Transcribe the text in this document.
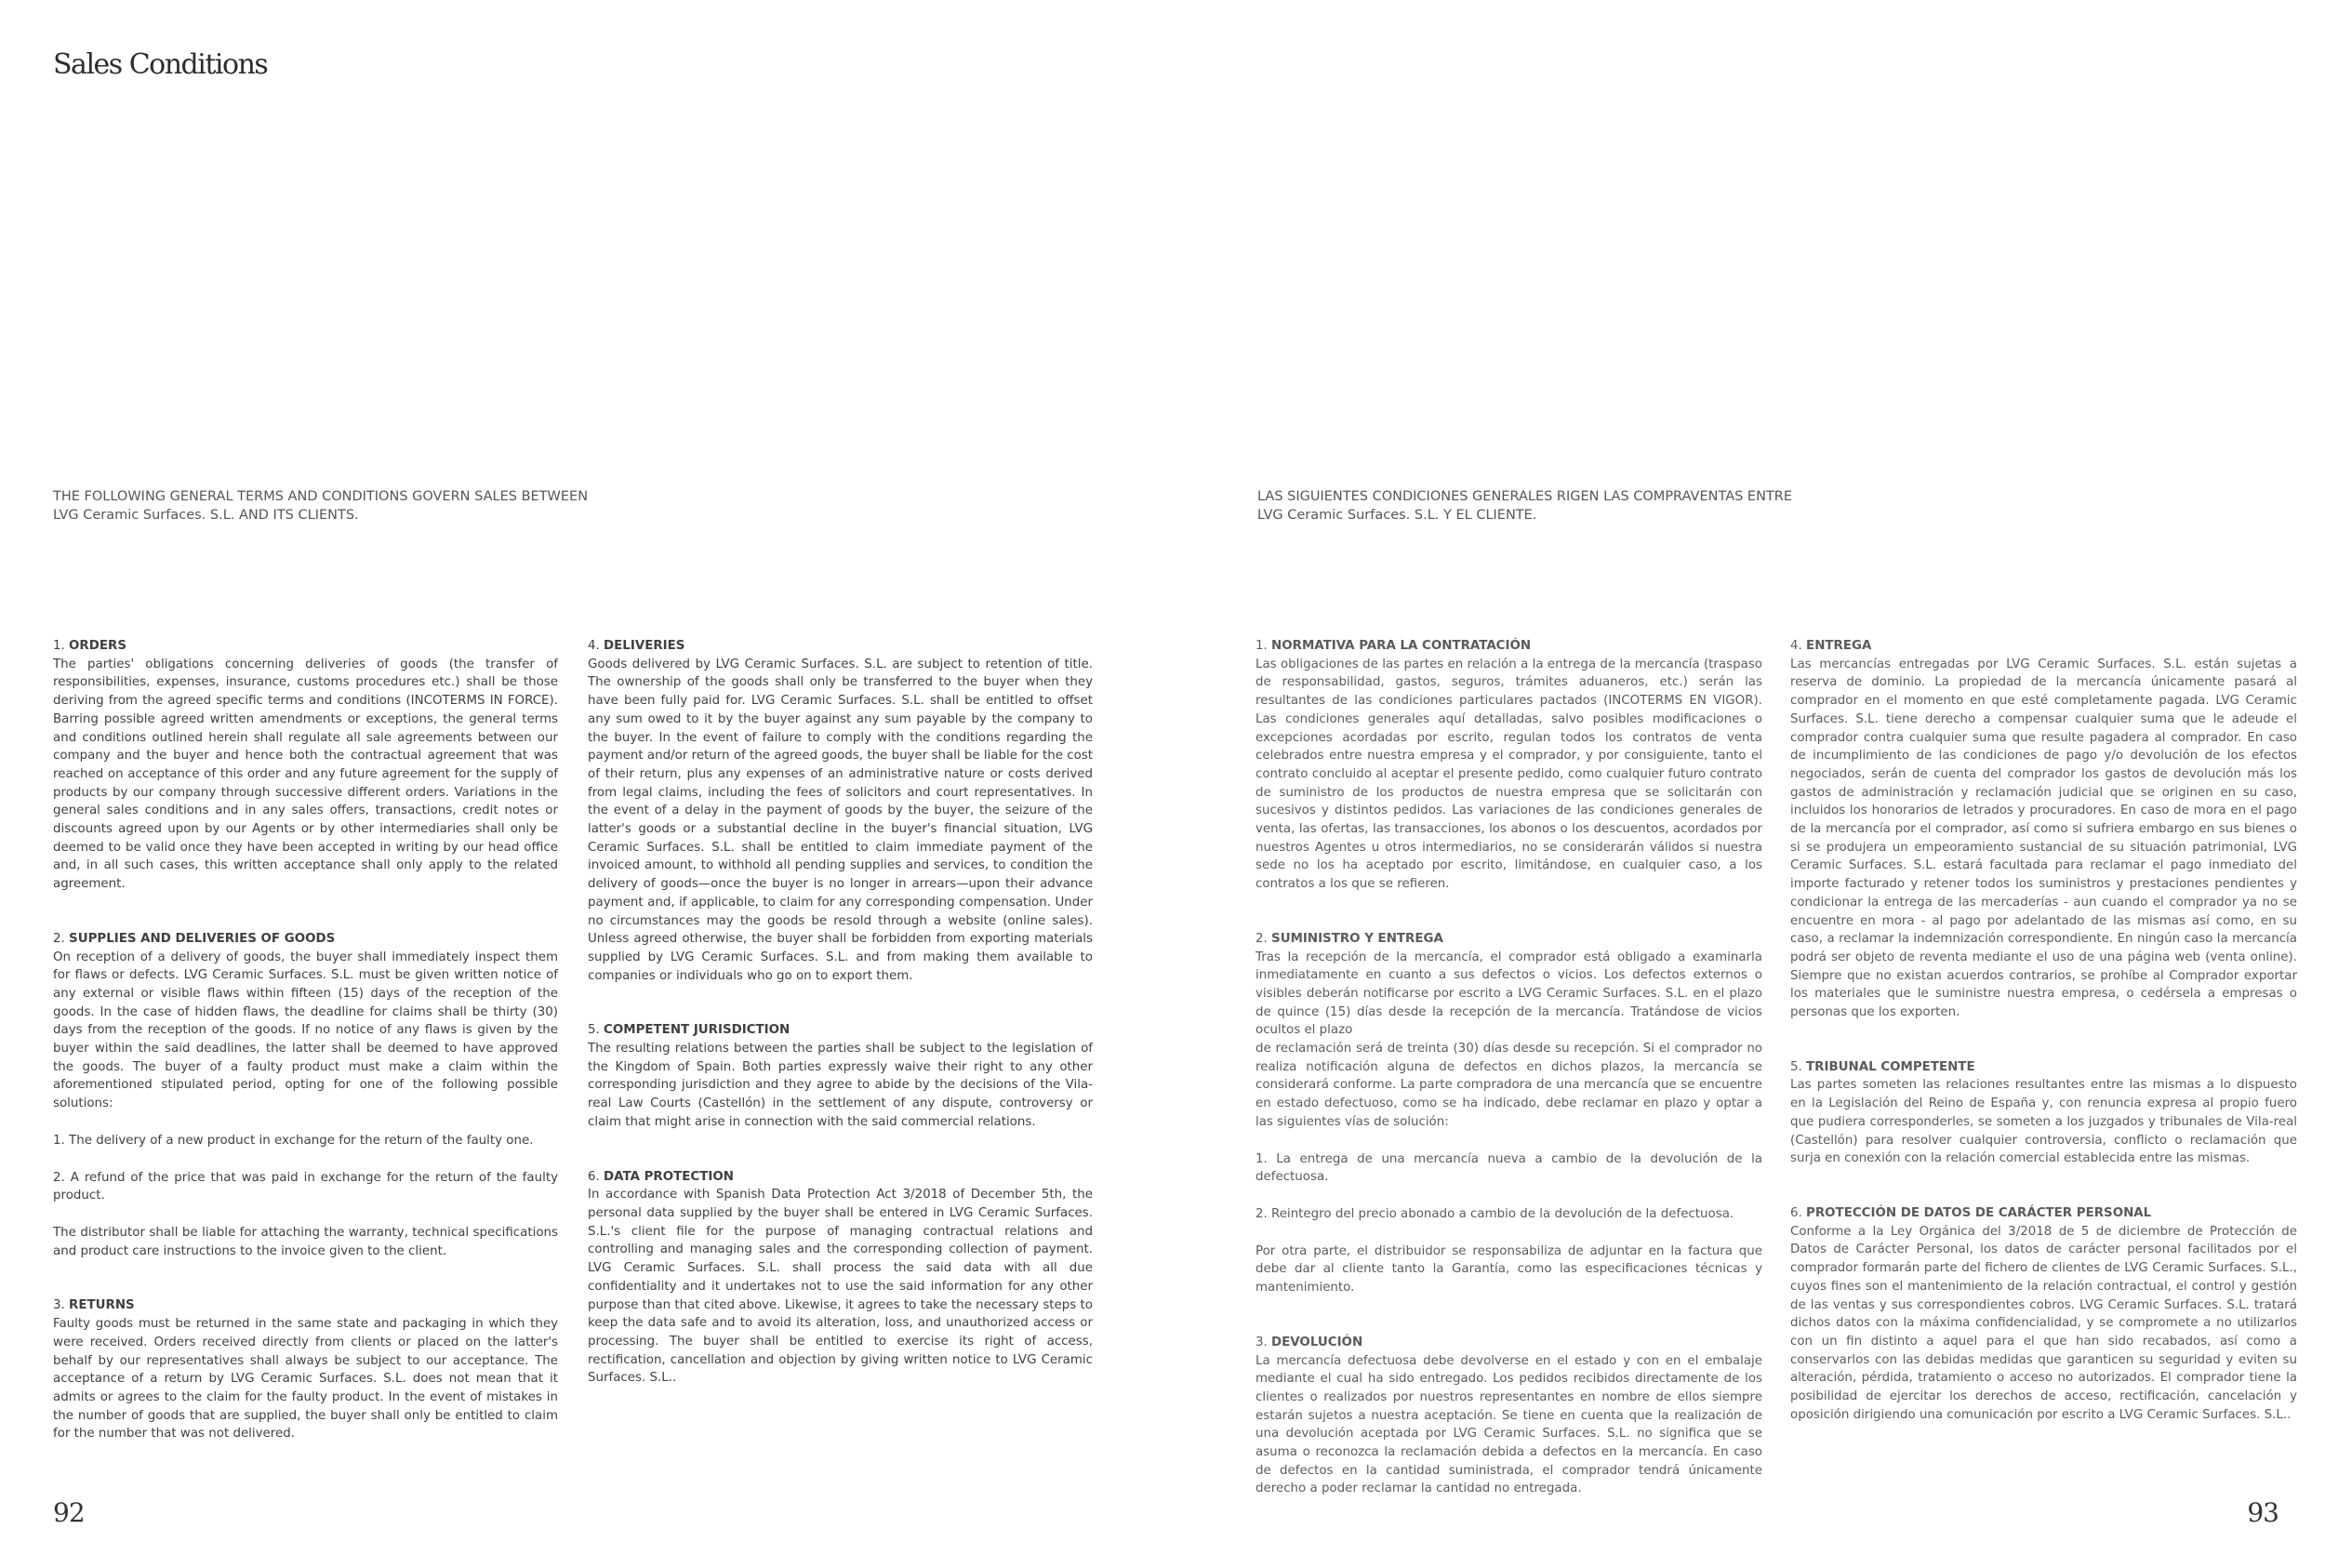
Sales Conditions

THE FOLLOWING GENERAL TERMS AND CONDITIONS GOVERN SALES BETWEEN
LVG Ceramic Surfaces. S.L. AND ITS CLIENTS.

LAS SIGUIENTES CONDICIONES GENERALES RIGEN LAS COMPRAVENTAS ENTRE
LVG Ceramic Surfaces. S.L. Y EL CLIENTE.

1. ORDERS

The parties' obligations concerning deliveries of goods (the transfer of responsibilities, expenses, insurance, customs procedures etc.) shall be those deriving from the agreed specific terms and conditions (INCOTERMS IN FORCE). Barring possible agreed written amendments or exceptions, the general terms and conditions outlined herein shall regulate all sale agreements between our company and the buyer and hence both the contractual agreement that was reached on acceptance of this order and any future agreement for the supply of products by our company through successive different orders. Variations in the general sales conditions and in any sales offers, transactions, credit notes or discounts agreed upon by our Agents or by other intermediaries shall only be deemed to be valid once they have been accepted in writing by our head office and, in all such cases, this written acceptance shall only apply to the related agreement.

2. SUPPLIES AND DELIVERIES OF GOODS

On reception of a delivery of goods, the buyer shall immediately inspect them for flaws or defects. LVG Ceramic Surfaces. S.L. must be given written notice of any external or visible flaws within fifteen (15) days of the reception of the goods. In the case of hidden flaws, the deadline for claims shall be thirty (30) days from the reception of the goods. If no notice of any flaws is given by the buyer within the said deadlines, the latter shall be deemed to have approved the goods. The buyer of a faulty product must make a claim within the aforementioned stipulated period, opting for one of the following possible solutions:

1. The delivery of a new product in exchange for the return of the faulty one.

2. A refund of the price that was paid in exchange for the return of the faulty product.

The distributor shall be liable for attaching the warranty, technical specifications and product care instructions to the invoice given to the client.

3. RETURNS

Faulty goods must be returned in the same state and packaging in which they were received. Orders received directly from clients or placed on the latter's behalf by our representatives shall always be subject to our acceptance. The acceptance of a return by LVG Ceramic Surfaces. S.L. does not mean that it admits or agrees to the claim for the faulty product. In the event of mistakes in the number of goods that are supplied, the buyer shall only be entitled to claim for the number that was not delivered.

4. DELIVERIES

Goods delivered by LVG Ceramic Surfaces. S.L. are subject to retention of title. The ownership of the goods shall only be transferred to the buyer when they have been fully paid for. LVG Ceramic Surfaces. S.L. shall be entitled to offset any sum owed to it by the buyer against any sum payable by the company to the buyer. In the event of failure to comply with the conditions regarding the payment and/or return of the agreed goods, the buyer shall be liable for the cost of their return, plus any expenses of an administrative nature or costs derived from legal claims, including the fees of solicitors and court representatives. In the event of a delay in the payment of goods by the buyer, the seizure of the latter's goods or a substantial decline in the buyer's financial situation, LVG Ceramic Surfaces. S.L. shall be entitled to claim immediate payment of the invoiced amount, to withhold all pending supplies and services, to condition the delivery of goods—once the buyer is no longer in arrears—upon their advance payment and, if applicable, to claim for any corresponding compensation. Under no circumstances may the goods be resold through a website (online sales). Unless agreed otherwise, the buyer shall be forbidden from exporting materials supplied by LVG Ceramic Surfaces. S.L. and from making them available to companies or individuals who go on to export them.

5. COMPETENT JURISDICTION

The resulting relations between the parties shall be subject to the legislation of the Kingdom of Spain. Both parties expressly waive their right to any other corresponding jurisdiction and they agree to abide by the decisions of the Vila-real Law Courts (Castellón) in the settlement of any dispute, controversy or claim that might arise in connection with the said commercial relations.

6. DATA PROTECTION

In accordance with Spanish Data Protection Act 3/2018 of December 5th, the personal data supplied by the buyer shall be entered in LVG Ceramic Surfaces. S.L.'s client file for the purpose of managing contractual relations and controlling and managing sales and the corresponding collection of payment. LVG Ceramic Surfaces. S.L. shall process the said data with all due confidentiality and it undertakes not to use the said information for any other purpose than that cited above. Likewise, it agrees to take the necessary steps to keep the data safe and to avoid its alteration, loss, and unauthorized access or processing. The buyer shall be entitled to exercise its right of access, rectification, cancellation and objection by giving written notice to LVG Ceramic Surfaces. S.L..

1. NORMATIVA PARA LA CONTRATACIÓN

Las obligaciones de las partes en relación a la entrega de la mercancía (traspaso de responsabilidad, gastos, seguros, trámites aduaneros, etc.) serán las resultantes de las condiciones particulares pactados (INCOTERMS EN VIGOR). Las condiciones generales aquí detalladas, salvo posibles modificaciones o excepciones acordadas por escrito, regulan todos los contratos de venta celebrados entre nuestra empresa y el comprador, y por consiguiente, tanto el contrato concluido al aceptar el presente pedido, como cualquier futuro contrato de suministro de los productos de nuestra empresa que se solicitarán con sucesivos y distintos pedidos. Las variaciones de las condiciones generales de venta, las ofertas, las transacciones, los abonos o los descuentos, acordados por nuestros Agentes u otros intermediarios, no se considerarán válidos si nuestra sede no los ha aceptado por escrito, limitándose, en cualquier caso, a los contratos a los que se refieren.

2. SUMINISTRO Y ENTREGA

Tras la recepción de la mercancía, el comprador está obligado a examinarla inmediatamente en cuanto a sus defectos o vicios. Los defectos externos o visibles deberán notificarse por escrito a LVG Ceramic Surfaces. S.L. en el plazo de quince (15) días desde la recepción de la mercancía. Tratándose de vicios ocultos el plazo

de reclamación será de treinta (30) días desde su recepción. Si el comprador no realiza notificación alguna de defectos en dichos plazos, la mercancía se considerará conforme. La parte compradora de una mercancía que se encuentre en estado defectuoso, como se ha indicado, debe reclamar en plazo y optar a las siguientes vías de solución:

1. La entrega de una mercancía nueva a cambio de la devolución de la defectuosa.

2. Reintegro del precio abonado a cambio de la devolución de la defectuosa.

Por otra parte, el distribuidor se responsabiliza de adjuntar en la factura que debe dar al cliente tanto la Garantía, como las especificaciones técnicas y mantenimiento.

3. DEVOLUCIÓN

La mercancía defectuosa debe devolverse en el estado y con en el embalaje mediante el cual ha sido entregado. Los pedidos recibidos directamente de los clientes o realizados por nuestros representantes en nombre de ellos siempre estarán sujetos a nuestra aceptación. Se tiene en cuenta que la realización de una devolución aceptada por LVG Ceramic Surfaces. S.L. no significa que se asuma o reconozca la reclamación debida a defectos en la mercancía. En caso de defectos en la cantidad suministrada, el comprador tendrá únicamente derecho a poder reclamar la cantidad no entregada.

4. ENTREGA

Las mercancías entregadas por LVG Ceramic Surfaces. S.L. están sujetas a reserva de dominio. La propiedad de la mercancía únicamente pasará al comprador en el momento en que esté completamente pagada. LVG Ceramic Surfaces. S.L. tiene derecho a compensar cualquier suma que le adeude el comprador contra cualquier suma que resulte pagadera al comprador. En caso de incumplimiento de las condiciones de pago y/o devolución de los efectos negociados, serán de cuenta del comprador los gastos de devolución más los gastos de administración y reclamación judicial que se originen en su caso, incluidos los honorarios de letrados y procuradores. En caso de mora en el pago de la mercancía por el comprador, así como si sufriera embargo en sus bienes o si se produjera un empeoramiento sustancial de su situación patrimonial, LVG Ceramic Surfaces. S.L. estará facultada para reclamar el pago inmediato del importe facturado y retener todos los suministros y prestaciones pendientes y condicionar la entrega de las mercaderías - aun cuando el comprador ya no se encuentre en mora - al pago por adelantado de las mismas así como, en su caso, a reclamar la indemnización correspondiente. En ningún caso la mercancía podrá ser objeto de reventa mediante el uso de una página web (venta online). Siempre que no existan acuerdos contrarios, se prohíbe al Comprador exportar los materiales que le suministre nuestra empresa, o cedérsela a empresas o personas que los exporten.

5. TRIBUNAL COMPETENTE

Las partes someten las relaciones resultantes entre las mismas a lo dispuesto en la Legislación del Reino de España y, con renuncia expresa al propio fuero que pudiera corresponderles, se someten a los juzgados y tribunales de Vila-real (Castellón) para resolver cualquier controversia, conflicto o reclamación que surja en conexión con la relación comercial establecida entre las mismas.

6. PROTECCIÓN DE DATOS DE CARÁCTER PERSONAL

Conforme a la Ley Orgánica del 3/2018 de 5 de diciembre de Protección de Datos de Carácter Personal, los datos de carácter personal facilitados por el comprador formarán parte del fichero de clientes de LVG Ceramic Surfaces. S.L., cuyos fines son el mantenimiento de la relación contractual, el control y gestión de las ventas y sus correspondientes cobros. LVG Ceramic Surfaces. S.L. tratará dichos datos con la máxima confidencialidad, y se compromete a no utilizarlos con un fin distinto a aquel para el que han sido recabados, así como a conservarlos con las debidas medidas que garanticen su seguridad y eviten su alteración, pérdida, tratamiento o acceso no autorizados. El comprador tiene la posibilidad de ejercitar los derechos de acceso, rectificación, cancelación y oposición dirigiendo una comunicación por escrito a LVG Ceramic Surfaces. S.L..

92	93
